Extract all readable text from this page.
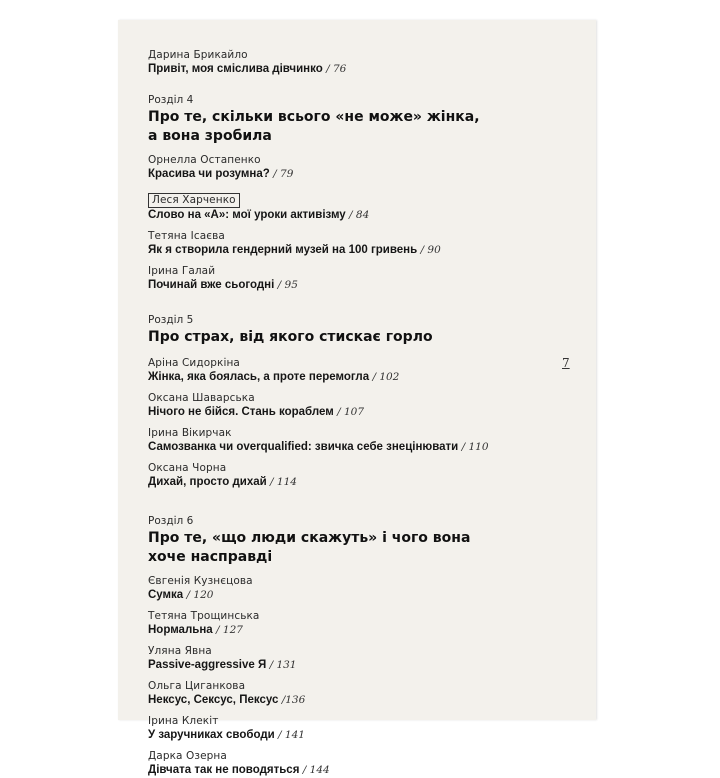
Дарина Брикайло
Привіт, моя сміслива дівчинко / 76
Розділ 4
Про те, скільки всього «не може» жінка,
а вона зробила
Орнелла Остапенко
Красива чи розумна? / 79
Леся Харченко
Слово на «А»: мої уроки активізму / 84
Тетяна Ісаєва
Як я створила гендерний музей на 100 гривень / 90
Ірина Галай
Починай вже сьогодні / 95
Розділ 5
Про страх, від якого стискає горло
Аріна Сидоркіна
Жінка, яка боялась, а проте перемогла / 102
Оксана Шаварська
Нічого не бійся. Стань кораблем / 107
Ірина Вікирчак
Самозванка чи overqualified: звичка себе знецінювати / 110
Оксана Чорна
Дихай, просто дихай / 114
Розділ 6
Про те, «що люди скажуть» і чого вона
хоче насправді
Євгенія Кузнєцова
Сумка / 120
Тетяна Трощинська
Нормальна / 127
Уляна Явна
Passive-aggressive Я / 131
Ольга Циганкова
Нексус, Сексус, Пексус /136
Ірина Клекіт
У заручниках свободи / 141
Дарка Озерна
Дівчата так не поводяться / 144
7
